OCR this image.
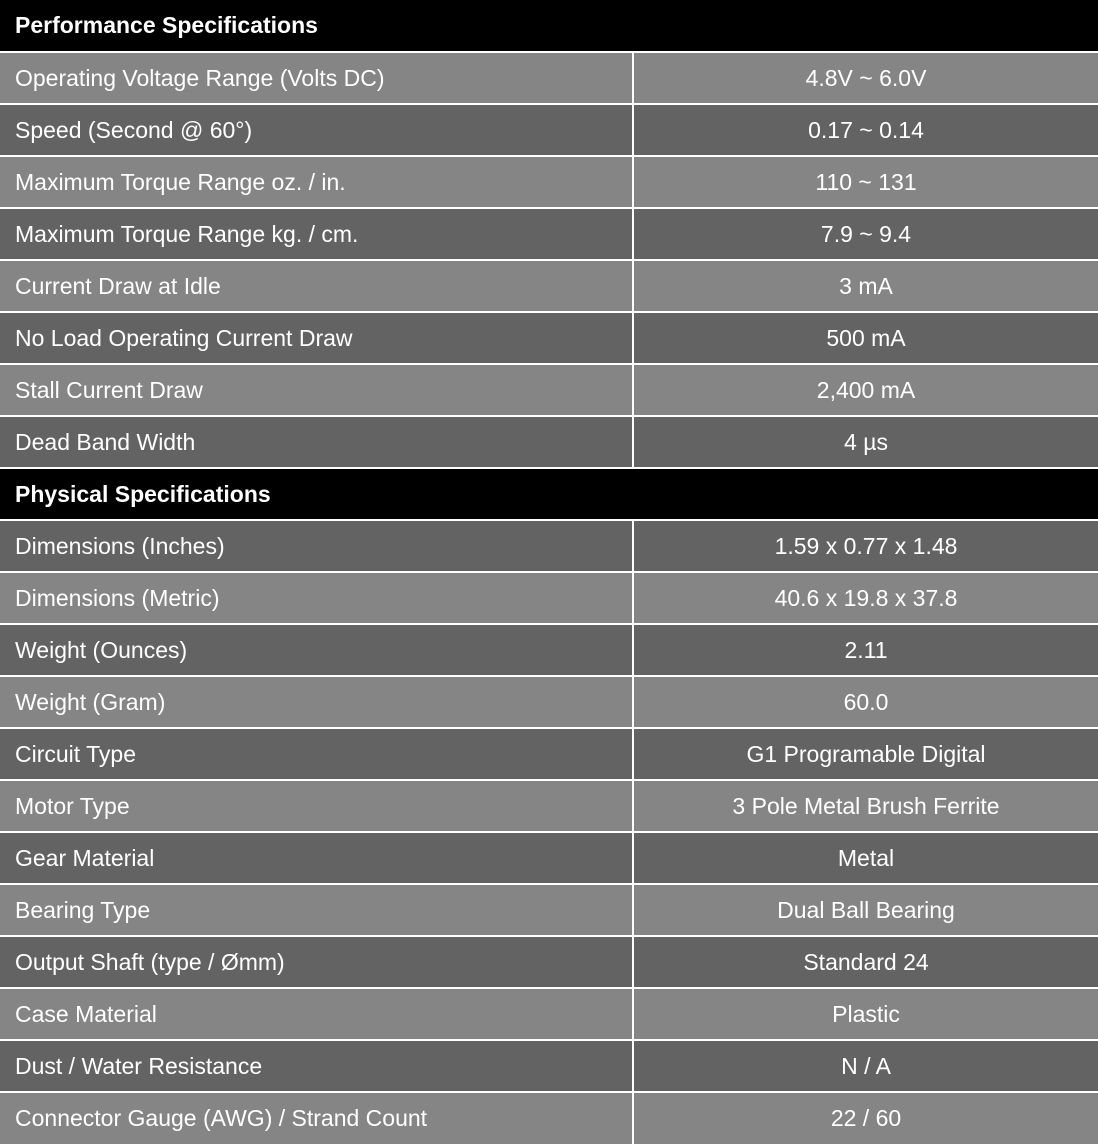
Performance Specifications	
Operating Voltage Range (Volts DC)	4.8V ~ 6.0V
Speed (Second @ 60°)	0.17 ~ 0.14
Maximum Torque Range oz. / in.	110 ~ 131
Maximum Torque Range kg. / cm.	7.9 ~ 9.4
Current Draw at Idle	3 mA
No Load Operating Current Draw	500 mA
Stall Current Draw	2,400 mA
Dead Band Width	4 µs
Physical Specifications	
Dimensions (Inches)	1.59 x 0.77 x 1.48
Dimensions (Metric)	40.6 x 19.8 x 37.8
Weight (Ounces)	2.11
Weight (Gram)	60.0
Circuit Type	G1 Programable Digital
Motor Type	3 Pole Metal Brush Ferrite
Gear Material	Metal
Bearing Type	Dual Ball Bearing
Output Shaft (type / Ømm)	Standard 24
Case Material	Plastic
Dust / Water Resistance	N / A
Connector Gauge (AWG) / Strand Count	22 / 60
